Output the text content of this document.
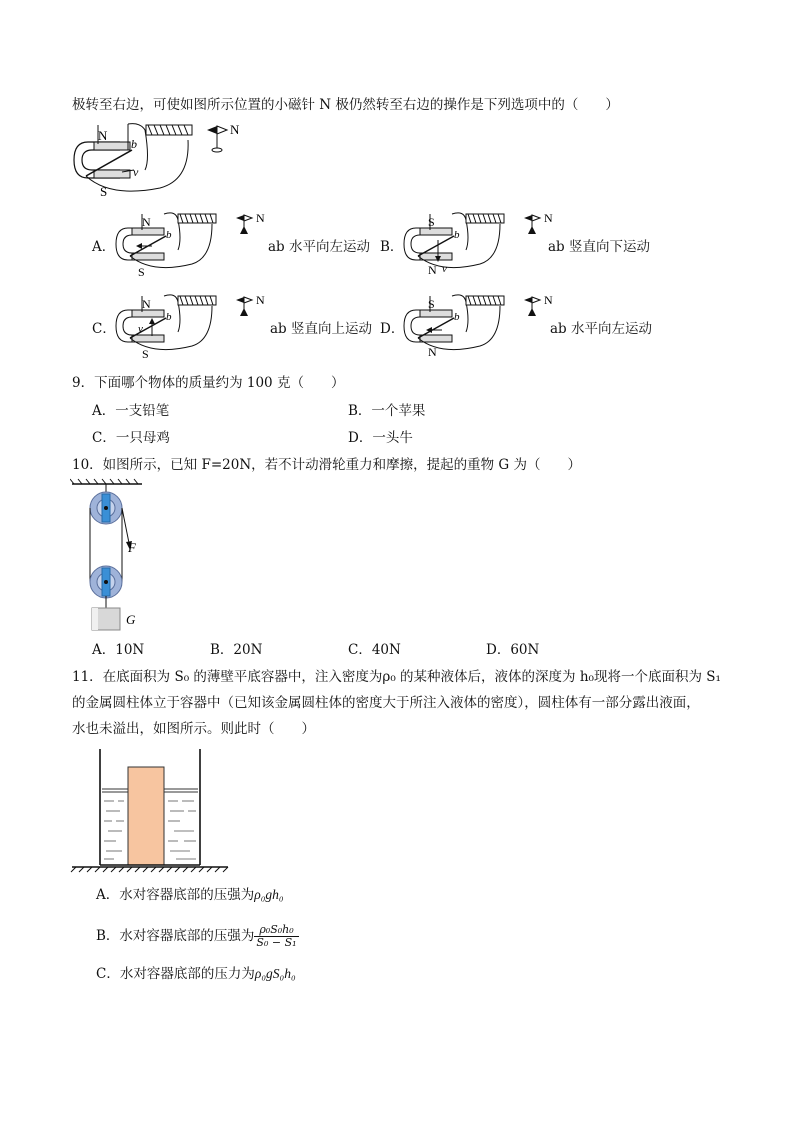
极转至右边，可使如图所示位置的小磁针 N 极仍然转至右边的操作是下列选项中的（　　）
N
S
b
v
N
A．
N
S
b
N
ab 水平向左运动 B．
S
N
b
v
N
ab 竖直向下运动
C．
N
S
b
v
N
ab 竖直向上运动 D．
S
N
b
N
ab 水平向左运动
9．下面哪个物体的质量约为 100 克（　　）
A．一支铅笔	B．一个苹果
C．一只母鸡	D．一头牛
10．如图所示，已知 F=20N，若不计动滑轮重力和摩擦，提起的重物 G 为（　　）
F
G
A．10N	B．20N	C．40N	D．60N
11．在底面积为 S₀ 的薄壁平底容器中，注入密度为ρ₀ 的某种液体后，液体的深度为 h₀现将一个底面积为 S₁
的金属圆柱体立于容器中（已知该金属圆柱体的密度大于所注入液体的密度），圆柱体有一部分露出液面，
水也未溢出，如图所示。则此时（　　）
A．水对容器底部的压强为ρ₀gh₀
B．水对容器底部的压强为 $\frac{\text{ρ₀S₀h₀}}{\text{S₀ − S₁}}$
C．水对容器底部的压力为ρ₀gS₀h₀
